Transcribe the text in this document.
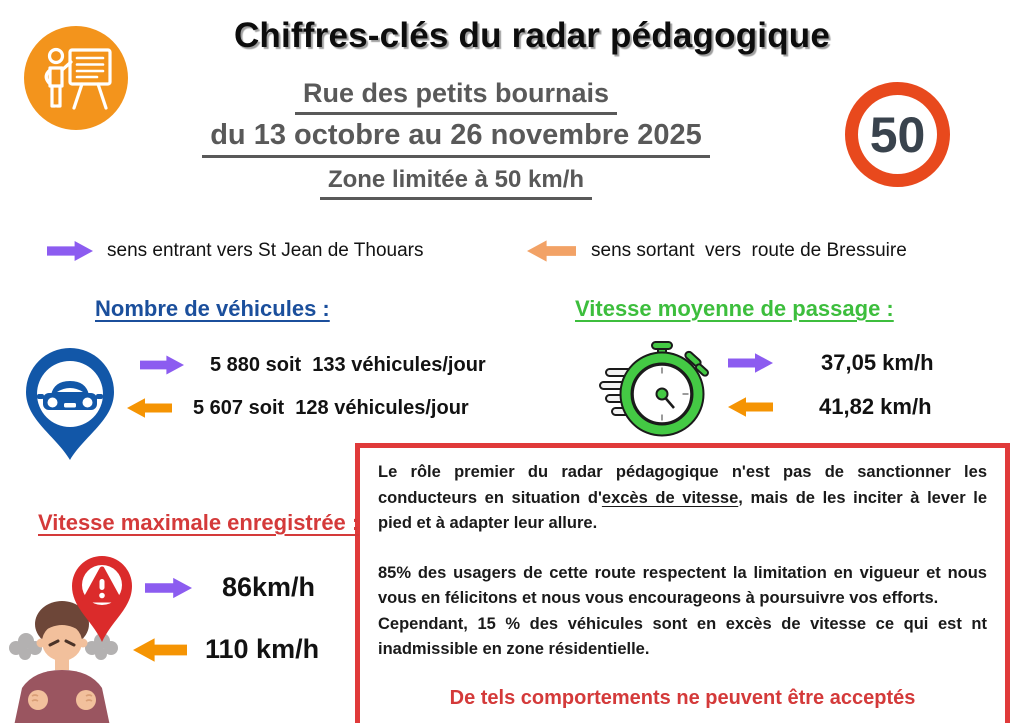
Chiffres-clés du radar pédagogique
Rue des petits bournais
du 13 octobre au 26 novembre 2025
Zone limitée à 50 km/h
50
sens entrant vers St Jean de Thouars	sens sortant  vers  route de Bressuire
Nombre de véhicules :	Vitesse moyenne de passage :
5 880 soit  133 véhicules/jour
5 607 soit  128 véhicules/jour
37,05 km/h
41,82 km/h
Le rôle premier du radar pédagogique n'est pas de sanctionner les conducteurs en situation d'excès de vitesse, mais de les inciter à lever le pied et à adapter leur allure.
85% des usagers de cette route respectent la limitation en vigueur et nous vous en félicitons et nous vous encourageons à poursuivre vos efforts.
Cependant, 15 % des véhicules sont en excès de vitesse ce qui est nt inadmissible en zone résidentielle.
De tels comportements ne peuvent être acceptés
Vitesse maximale enregistrée :
86km/h
110 km/h
